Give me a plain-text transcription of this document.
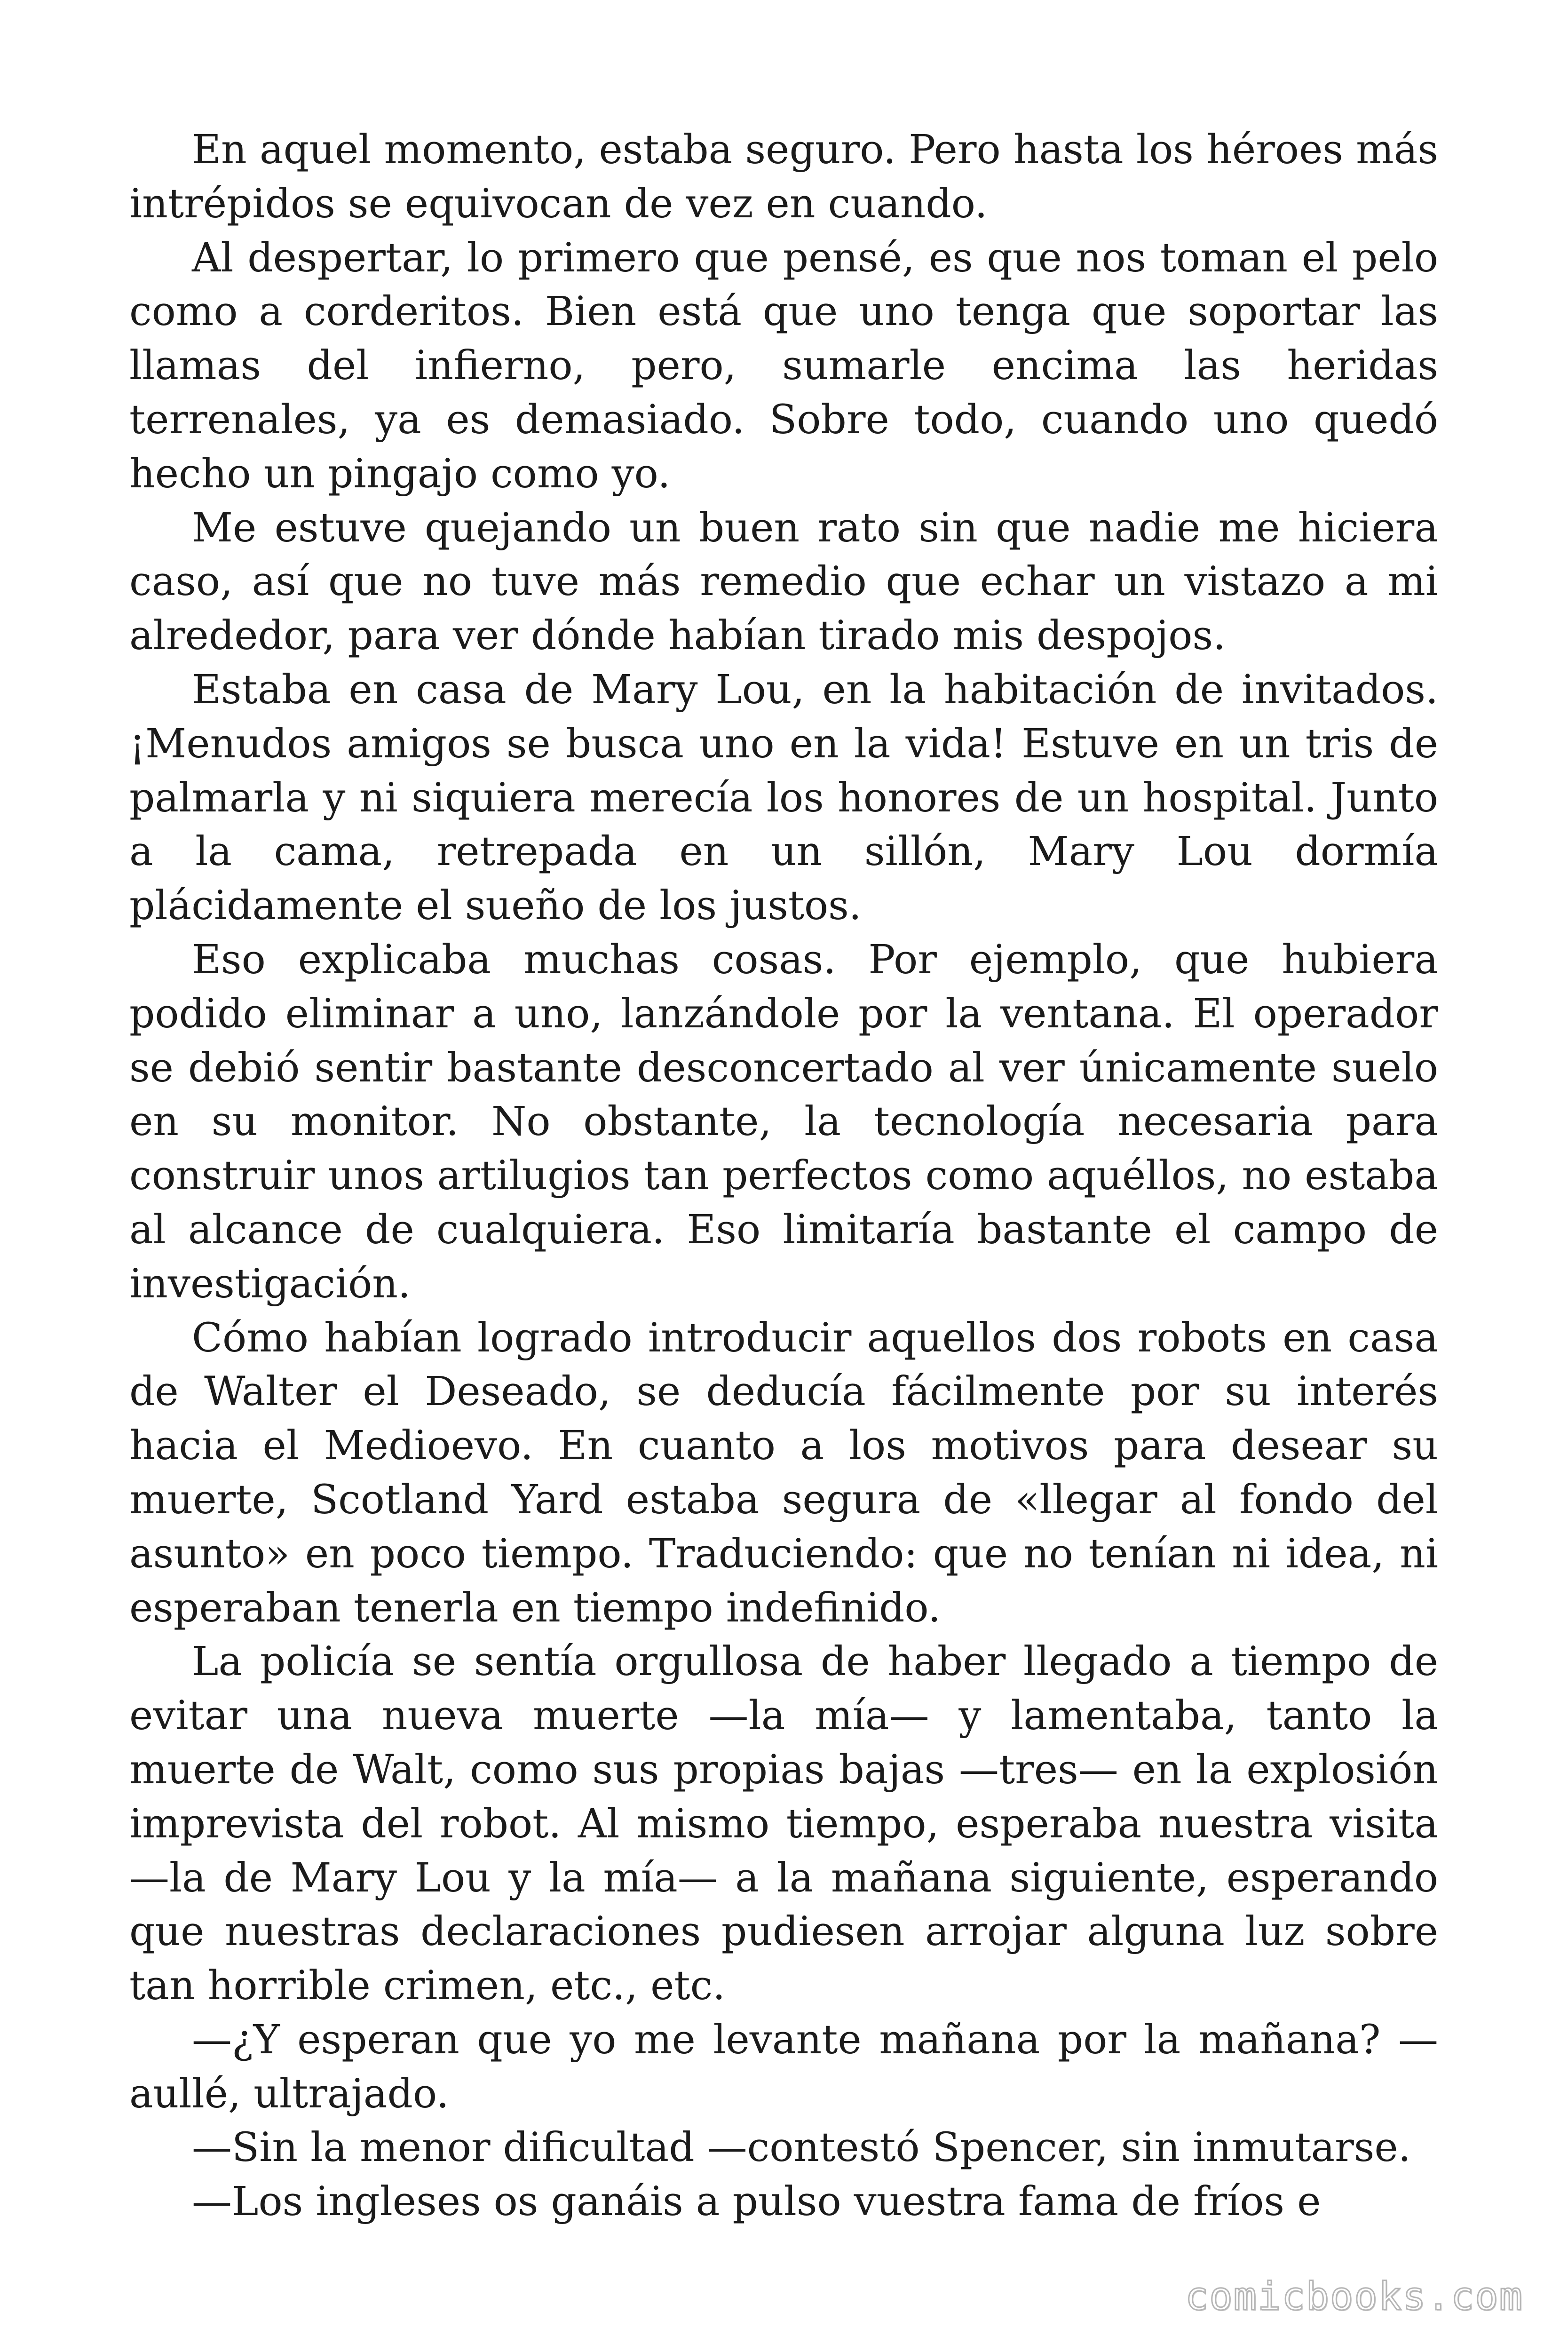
En aquel momento, estaba seguro. Pero hasta los héroes más intrépidos se equivocan de vez en cuando.

Al despertar, lo primero que pensé, es que nos toman el pelo como a corderitos. Bien está que uno tenga que soportar las llamas del infierno, pero, sumarle encima las heridas terrenales, ya es demasiado. Sobre todo, cuando uno quedó hecho un pingajo como yo.

Me estuve quejando un buen rato sin que nadie me hiciera caso, así que no tuve más remedio que echar un vistazo a mi alrededor, para ver dónde habían tirado mis despojos.

Estaba en casa de Mary Lou, en la habitación de invitados. ¡Menudos amigos se busca uno en la vida! Estuve en un tris de palmarla y ni siquiera merecía los honores de un hospital. Junto a la cama, retrepada en un sillón, Mary Lou dormía plácidamente el sueño de los justos.

Eso explicaba muchas cosas. Por ejemplo, que hubiera podido eliminar a uno, lanzándole por la ventana. El operador se debió sentir bastante desconcertado al ver únicamente suelo en su monitor. No obstante, la tecnología necesaria para construir unos artilugios tan perfectos como aquéllos, no estaba al alcance de cualquiera. Eso limitaría bastante el campo de investigación.

Cómo habían logrado introducir aquellos dos robots en casa de Walter el Deseado, se deducía fácilmente por su interés hacia el Medioevo. En cuanto a los motivos para desear su muerte, Scotland Yard estaba segura de «llegar al fondo del asunto» en poco tiempo. Traduciendo: que no tenían ni idea, ni esperaban tenerla en tiempo indefinido.

La policía se sentía orgullosa de haber llegado a tiempo de evitar una nueva muerte —la mía— y lamentaba, tanto la muerte de Walt, como sus propias bajas —tres— en la explosión imprevista del robot. Al mismo tiempo, esperaba nuestra visita —la de Mary Lou y la mía— a la mañana siguiente, esperando que nuestras declaraciones pudiesen arrojar alguna luz sobre tan horrible crimen, etc., etc.

—¿Y esperan que yo me levante mañana por la mañana? —aullé, ultrajado.

—Sin la menor dificultad —contestó Spencer, sin inmutarse.

—Los ingleses os ganáis a pulso vuestra fama de fríos e

comicbooks.com
